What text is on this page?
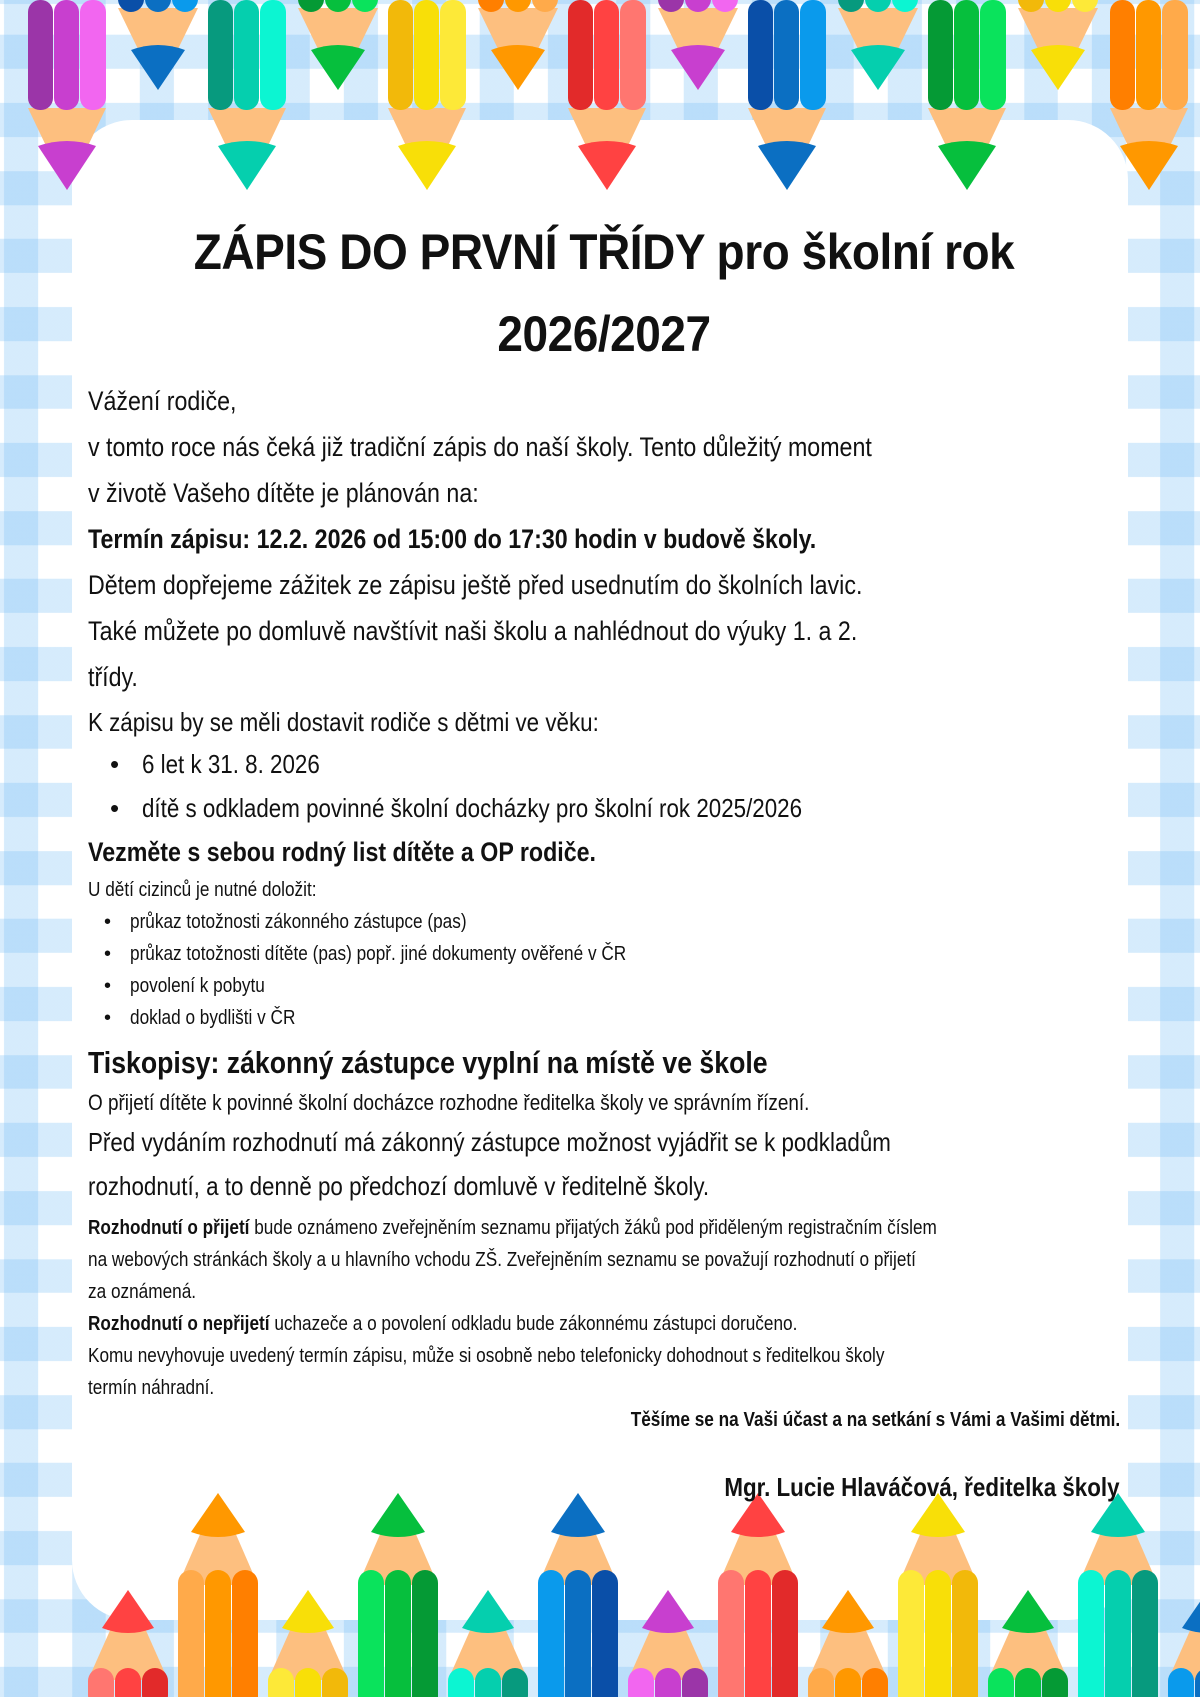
ZÁPIS DO PRVNÍ TŘÍDY pro školní rok
2026/2027
Vážení rodiče,
v tomto roce nás čeká již tradiční zápis do naší školy. Tento důležitý moment
v životě Vašeho dítěte je plánován na:
Termín zápisu: 12.2. 2026 od 15:00 do 17:30 hodin v budově školy.
Dětem dopřejeme zážitek ze zápisu ještě před usednutím do školních lavic.
Také můžete po domluvě navštívit naši školu a nahlédnout do výuky 1. a 2.
třídy.
K zápisu by se měli dostavit rodiče s dětmi ve věku:
• 6 let k 31. 8. 2026
• dítě s odkladem povinné školní docházky pro školní rok 2025/2026
Vezměte s sebou rodný list dítěte a OP rodiče.
U dětí cizinců je nutné doložit:
• průkaz totožnosti zákonného zástupce (pas)
• průkaz totožnosti dítěte (pas) popř. jiné dokumenty ověřené v ČR
• povolení k pobytu
• doklad o bydlišti v ČR
Tiskopisy: zákonný zástupce vyplní na místě ve škole
O přijetí dítěte k povinné školní docházce rozhodne ředitelka školy ve správním řízení.
Před vydáním rozhodnutí má zákonný zástupce možnost vyjádřit se k podkladům
rozhodnutí, a to denně po předchozí domluvě v ředitelně školy.
Rozhodnutí o přijetí bude oznámeno zveřejněním seznamu přijatých žáků pod přiděleným registračním číslem
na webových stránkách školy a u hlavního vchodu ZŠ. Zveřejněním seznamu se považují rozhodnutí o přijetí
za oznámená.
Rozhodnutí o nepřijetí uchazeče a o povolení odkladu bude zákonnému zástupci doručeno.
Komu nevyhovuje uvedený termín zápisu, může si osobně nebo telefonicky dohodnout s ředitelkou školy
termín náhradní.
Těšíme se na Vaši účast a na setkání s Vámi a Vašimi dětmi.
Mgr. Lucie Hlaváčová, ředitelka školy
